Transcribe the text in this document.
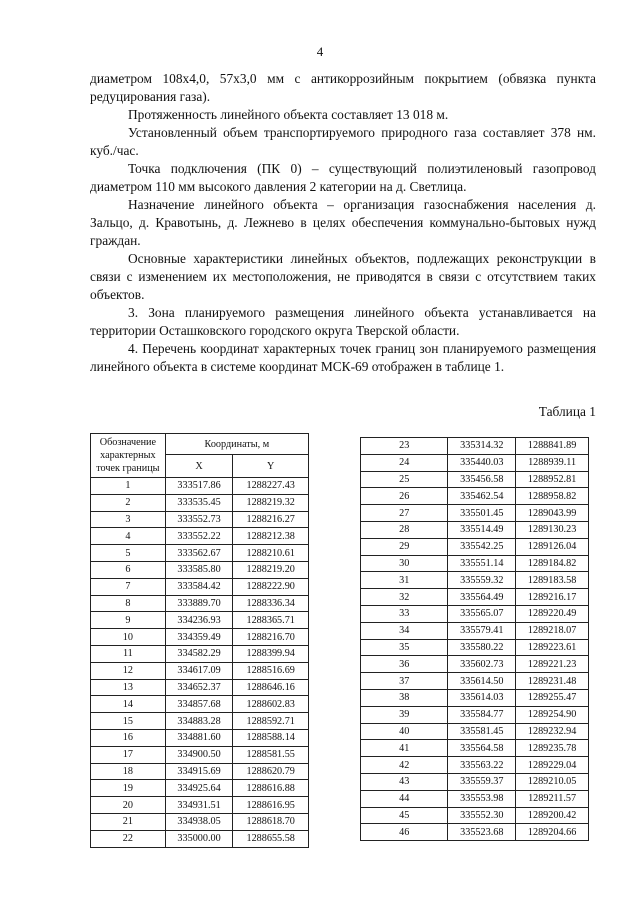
4

диаметром 108х4,0, 57х3,0 мм с антикоррозийным покрытием (обвязка пункта редуцирования газа).

Протяженность линейного объекта составляет 13 018 м.

Установленный объем транспортируемого природного газа составляет 378 нм. куб./час.

Точка подключения (ПК 0) – существующий полиэтиленовый газопровод диаметром 110 мм высокого давления 2 категории на д. Светлица.

Назначение линейного объекта – организация газоснабжения населения д. Зальцо, д. Кравотынь, д. Лежнево в целях обеспечения коммунально-бытовых нужд граждан.

Основные характеристики линейных объектов, подлежащих реконструкции в связи с изменением их местоположения, не приводятся в связи с отсутствием таких объектов.

3. Зона планируемого размещения линейного объекта устанавливается на территории Осташковского городского округа Тверской области.

4. Перечень координат характерных точек границ зон планируемого размещения линейного объекта в системе координат МСК-69 отображен в таблице 1.

Таблица 1
Обозначение характерных точек границы	Координаты, м	
	X	Y
1	333517.86	1288227.43
2	333535.45	1288219.32
3	333552.73	1288216.27
4	333552.22	1288212.38
5	333562.67	1288210.61
6	333585.80	1288219.20
7	333584.42	1288222.90
8	333889.70	1288336.34
9	334236.93	1288365.71
10	334359.49	1288216.70
11	334582.29	1288399.94
12	334617.09	1288516.69
13	334652.37	1288646.16
14	334857.68	1288602.83
15	334883.28	1288592.71
16	334881.60	1288588.14
17	334900.50	1288581.55
18	334915.69	1288620.79
19	334925.64	1288616.88
20	334931.51	1288616.95
21	334938.05	1288618.70
22	335000.00	1288655.58
23	335314.32	1288841.89
24	335440.03	1288939.11
25	335456.58	1288952.81
26	335462.54	1288958.82
27	335501.45	1289043.99
28	335514.49	1289130.23
29	335542.25	1289126.04
30	335551.14	1289184.82
31	335559.32	1289183.58
32	335564.49	1289216.17
33	335565.07	1289220.49
34	335579.41	1289218.07
35	335580.22	1289223.61
36	335602.73	1289221.23
37	335614.50	1289231.48
38	335614.03	1289255.47
39	335584.77	1289254.90
40	335581.45	1289232.94
41	335564.58	1289235.78
42	335563.22	1289229.04
43	335559.37	1289210.05
44	335553.98	1289211.57
45	335552.30	1289200.42
46	335523.68	1289204.66
